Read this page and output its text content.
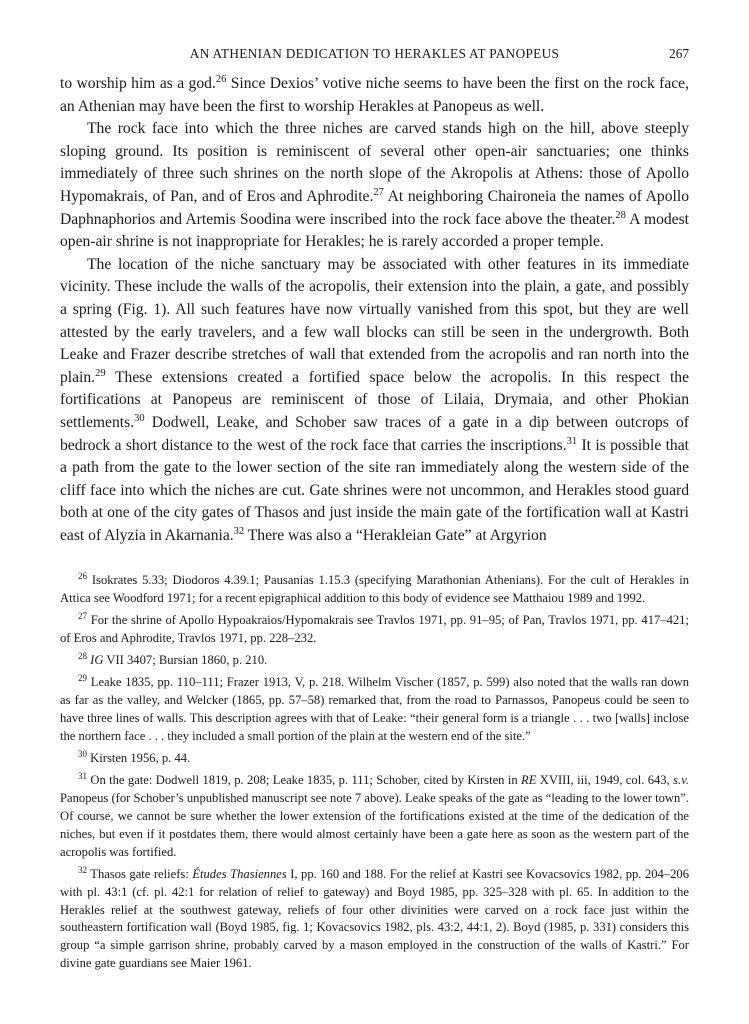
AN ATHENIAN DEDICATION TO HERAKLES AT PANOPEUS	267

to worship him as a god.$^{26}$ Since Dexios’ votive niche seems to have been the first on the rock face, an Athenian may have been the first to worship Herakles at Panopeus as well.

The rock face into which the three niches are carved stands high on the hill, above steeply sloping ground. Its position is reminiscent of several other open-air sanctuaries; one thinks immediately of three such shrines on the north slope of the Akropolis at Athens: those of Apollo Hypomakrais, of Pan, and of Eros and Aphrodite.$^{27}$ At neighboring Chaironeia the names of Apollo Daphnaphorios and Artemis Soodina were inscribed into the rock face above the theater.$^{28}$ A modest open-air shrine is not inappropriate for Herakles; he is rarely accorded a proper temple.

The location of the niche sanctuary may be associated with other features in its immediate vicinity. These include the walls of the acropolis, their extension into the plain, a gate, and possibly a spring (Fig. 1). All such features have now virtually vanished from this spot, but they are well attested by the early travelers, and a few wall blocks can still be seen in the undergrowth. Both Leake and Frazer describe stretches of wall that extended from the acropolis and ran north into the plain.$^{29}$ These extensions created a fortified space below the acropolis. In this respect the fortifications at Panopeus are reminiscent of those of Lilaia, Drymaia, and other Phokian settlements.$^{30}$ Dodwell, Leake, and Schober saw traces of a gate in a dip between outcrops of bedrock a short distance to the west of the rock face that carries the inscriptions.$^{31}$ It is possible that a path from the gate to the lower section of the site ran immediately along the western side of the cliff face into which the niches are cut. Gate shrines were not uncommon, and Herakles stood guard both at one of the city gates of Thasos and just inside the main gate of the fortification wall at Kastri east of Alyzia in Akarnania.$^{32}$ There was also a “Herakleian Gate” at Argyrion

$^{26}$ Isokrates 5.33; Diodoros 4.39.1; Pausanias 1.15.3 (specifying Marathonian Athenians). For the cult of Herakles in Attica see Woodford 1971; for a recent epigraphical addition to this body of evidence see Matthaiou 1989 and 1992.

$^{27}$ For the shrine of Apollo Hypoakraios/Hypomakrais see Travlos 1971, pp. 91–95; of Pan, Travlos 1971, pp. 417–421; of Eros and Aphrodite, Travlos 1971, pp. 228–232.

$^{28}$ IG VII 3407; Bursian 1860, p. 210.

$^{29}$ Leake 1835, pp. 110–111; Frazer 1913, V, p. 218. Wilhelm Vischer (1857, p. 599) also noted that the walls ran down as far as the valley, and Welcker (1865, pp. 57–58) remarked that, from the road to Parnassos, Panopeus could be seen to have three lines of walls. This description agrees with that of Leake: “their general form is a triangle . . . two [walls] inclose the northern face . . . they included a small portion of the plain at the western end of the site.”

$^{30}$ Kirsten 1956, p. 44.

$^{31}$ On the gate: Dodwell 1819, p. 208; Leake 1835, p. 111; Schober, cited by Kirsten in RE XVIII, iii, 1949, col. 643, s.v. Panopeus (for Schober’s unpublished manuscript see note 7 above). Leake speaks of the gate as “leading to the lower town”. Of course, we cannot be sure whether the lower extension of the fortifications existed at the time of the dedication of the niches, but even if it postdates them, there would almost certainly have been a gate here as soon as the western part of the acropolis was fortified.

$^{32}$ Thasos gate reliefs: Études Thasiennes I, pp. 160 and 188. For the relief at Kastri see Kovacsovics 1982, pp. 204–206 with pl. 43:1 (cf. pl. 42:1 for relation of relief to gateway) and Boyd 1985, pp. 325–328 with pl. 65. In addition to the Herakles relief at the southwest gateway, reliefs of four other divinities were carved on a rock face just within the southeastern fortification wall (Boyd 1985, fig. 1; Kovacsovics 1982, pls. 43:2, 44:1, 2). Boyd (1985, p. 331) considers this group “a simple garrison shrine, probably carved by a mason employed in the construction of the walls of Kastri.” For divine gate guardians see Maier 1961.
